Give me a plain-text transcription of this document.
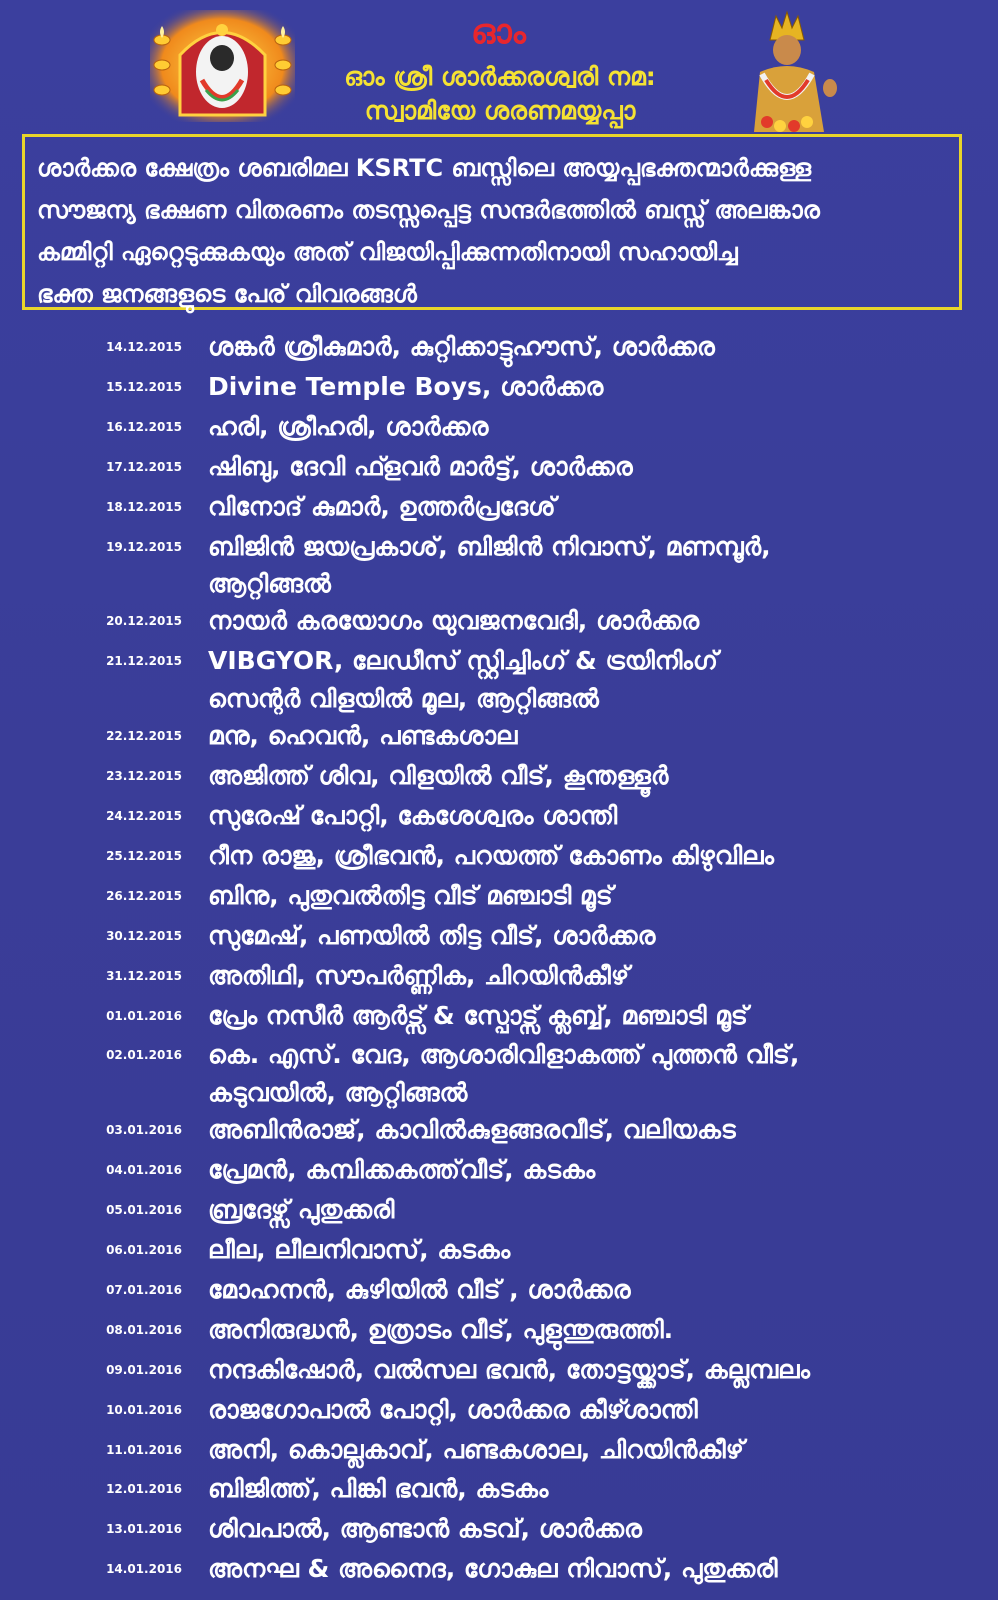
ഓം
ഓം ശ്രീ ശാർക്കരശ്വരി നമ:
സ്വാമിയേ ശരണമയ്യപ്പാ
ശാർക്കര ക്ഷേത്രം ശബരിമല KSRTC ബസ്സിലെ അയ്യപ്പഭക്തന്മാർക്കുള്ള
സൗജന്യ ഭക്ഷണ വിതരണം തടസ്സപ്പെട്ട സന്ദർഭത്തിൽ ബസ്സ് അലങ്കാര
കമ്മിറ്റി ഏറ്റെടുക്കുകയും അത് വിജയിപ്പിക്കുന്നതിനായി സഹായിച്ച
ഭക്ത ജനങ്ങളുടെ പേര് വിവരങ്ങൾ
14.12.2015	ശങ്കർ ശ്രീകുമാർ, കുറ്റിക്കാട്ടുഹൗസ്, ശാർക്കര
15.12.2015	Divine Temple Boys, ശാർക്കര
16.12.2015	ഹരി, ശ്രീഹരി, ശാർക്കര
17.12.2015	ഷിബു, ദേവി ഫ്ളവർ മാർട്ട്, ശാർക്കര
18.12.2015	വിനോദ് കുമാർ, ഉത്തർപ്രദേശ്
19.12.2015	ബിജിൻ ജയപ്രകാശ്, ബിജിൻ നിവാസ്, മണമ്പൂർ,
ആറ്റിങ്ങൽ
20.12.2015	നായർ കരയോഗം യുവജനവേദി, ശാർക്കര
21.12.2015	VIBGYOR, ലേഡീസ് സ്റ്റിച്ചിംഗ് & ട്രയിനിംഗ്
സെന്റർ വിളയിൽ മൂല, ആറ്റിങ്ങൽ
22.12.2015	മനു, ഹെവൻ, പണ്ടകശാല
23.12.2015	അജിത്ത് ശിവ, വിളയിൽ വീട്, കൂന്തള്ളൂർ
24.12.2015	സുരേഷ് പോറ്റി, കേശേശ്വരം ശാന്തി
25.12.2015	റീന രാജു, ശ്രീഭവൻ, പറയത്ത് കോണം കിഴുവിലം
26.12.2015	ബിനു, പുതുവൽതിട്ട വീട് മഞ്ചാടി മൂട്
30.12.2015	സുമേഷ്, പണയിൽ തിട്ട വീട്, ശാർക്കര
31.12.2015	അതിഥി, സൗപർണ്ണിക, ചിറയിൻകീഴ്
01.01.2016	പ്രേം നസീർ ആർട്സ് & സ്പോട്സ് ക്ലബ്ബ്, മഞ്ചാടി മൂട്
02.01.2016	കെ. എസ്. വേദ, ആശാരിവിളാകത്ത് പുത്തൻ വീട്,
കടുവയിൽ, ആറ്റിങ്ങൽ
03.01.2016	അബിൻരാജ്, കാവിൽകുളങ്ങരവീട്, വലിയകട
04.01.2016	പ്രേമൻ, കമ്പിക്കകത്ത്‌വീട്, കടകം
05.01.2016	ബ്രദേഴ്സ് പുതുക്കരി
06.01.2016	ലീല, ലീലനിവാസ്, കടകം
07.01.2016	മോഹനൻ, കുഴിയിൽ വീട് , ശാർക്കര
08.01.2016	അനിരുദ്ധൻ, ഉത്രാടം വീട്, പുളുന്തുരുത്തി.
09.01.2016	നന്ദകിഷോർ, വൽസല ഭവൻ, തോട്ടയ്ക്കാട്, കല്ലമ്പലം
10.01.2016	രാജഗോപാൽ പോറ്റി, ശാർക്കര കീഴ്ശാന്തി
11.01.2016	അനി, കൊല്ലകാവ്, പണ്ടകശാല, ചിറയിൻകീഴ്
12.01.2016	ബിജിത്ത്, പിങ്കി ഭവൻ, കടകം
13.01.2016	ശിവപാൽ, ആണ്ടാൻ കടവ്, ശാർക്കര
14.01.2016	അനഘ & അനൈദ, ഗോകുല നിവാസ്, പുതുക്കരി
